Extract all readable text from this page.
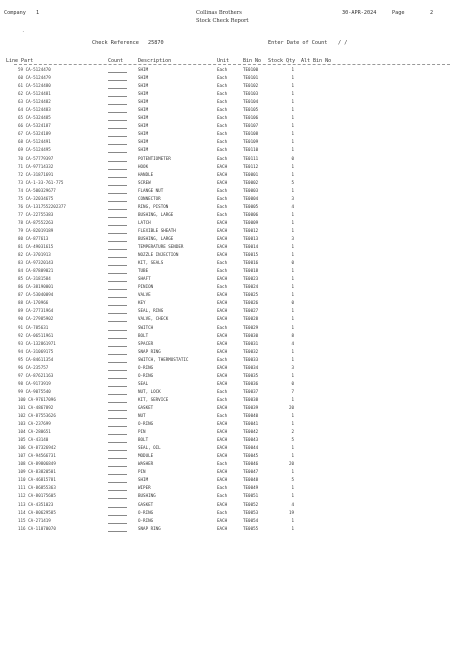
Company 1	Collinas Brothers	30-APR-2024	Page	2
Stock Check Report
.
Check Reference 25870	Enter Date of Count / /
Line Part	Count	Description	Unit	Bin No Stock Qty Alt Bin No
59 CA-5124470	SHIM	Each	TE0100	1
60 CA-5124479	SHIM	Each	TE0101	1
61 CA-5124480	SHIM	Each	TE0102	1
62 CA-5124481	SHIM	Each	TE0103	1
63 CA-5124482	SHIM	Each	TE0104	1
64 CA-5124483	SHIM	Each	TE0105	1
65 CA-5324485	SHIM	Each	TE0106	1
66 CA-5324187	SHIM	Each	TE0107	1
67 CA-5324189	SHIM	Each	TE0108	1
68 CA-5124491	SHIM	Each	TE0109	1
69 CA-5124495	SHIM	Each	TE0110	1
70 CA-57779397	POTENTIOMETER	Each	TE0111	0
71 CA-97714332	HOOK	EACH	TE0112	1
72 CA-31871691	HANDLE	EACH	TE0001	1
73 CA-1-33-761-775	SCREW	EACH	TE0002	5
74 CA-500329677	FLANGE NUT	Each	TE0003	1
75 CA-32034675	CONNECTOR	Each	TE0004	3
76 CA-1317552202377	RING, PISTON	Each	TE0005	4
77 CA-22755383	BUSHING, LARGE	Each	TE0006	1
78 CA-87552263	LATCH	EACH	TE0009	1
79 CA-82019189	FLEXIBLE SHEATH	EACH	TE0012	1
80 CA-877613	BUSHING, LARGE	EACH	TE0013	3
81 CA-49031615	TEMPERATURE SENDER	EACH	TE0014	1
82 CA-3701913	NOZZLE INJECTION	EACH	TE0015	1
83 CA-97320143	KIT, SEALS	Each	TE0016	0
84 CA-87809021	TUBE	Each	TE0018	1
85 CA-3181584	SHAFT	EACH	TE0023	1
86 CA-38190001	PINION	Each	TE0024	1
87 CA-53040094	VALVE	EACH	TE0025	1
88 CA-170966	KEY	EACH	TE0026	0
89 CA-27731964	SEAL, RING	EACH	TE0027	1
90 CA-27985902	VALVE, CHECK	EACH	TE0028	1
91 CA-785631	SWITCH	Each	TE0029	1
92 CA-06511961	BOLT	EACH	TE0030	8
93 CA-132861971	SPACER	EACH	TE0031	4
94 CA-31069175	SNAP RING	EACH	TE0032	1
95 CA-84611354	SWITCH, THERMOSTATIC	Each	TE0033	1
96 CA-235757	O-RING	EACH	TE0034	3
97 CA-87621163	O-RING	EACH	TE0035	1
98 CA-9173919	SEAL	EACH	TE0036	0
99 CA-9075540	NUT, LOCK	Each	TE0037	7
100 CA-97617096	KIT, SERVICE	Each	TE0038	1
101 CA-4867892	GASKET	EACH	TE0039	20
102 CA-87553626	NUT	Each	TE0040	1
103 CA-237699	O-RING	EACH	TE0041	1
104 CA-280651	PIN	EACH	TE0042	2
105 CA-43140	BOLT	EACH	TE0043	5
106 CA-87326942	SEAL, OIL	EACH	TE0044	1
107 CA-94566731	MODULE	EACH	TE0045	1
108 CA-89806849	WASHER	Each	TE0046	20
109 CA-83820501	PIN	EACH	TE0047	1
110 CA-46815781	SHIM	EACH	TE0048	5
111 CA-86855363	WIPER	Each	TE0049	1
112 CA-80175605	BUSHING	Each	TE0051	1
113 CA-4351023	GASKET	EACH	TE0052	4
114 CA-80629585	O-RING	Each	TE0053	19
115 CA-271419	O-RING	EACH	TE0054	1
116 CA-11070070	SNAP RING	EACH	TE0055	1
